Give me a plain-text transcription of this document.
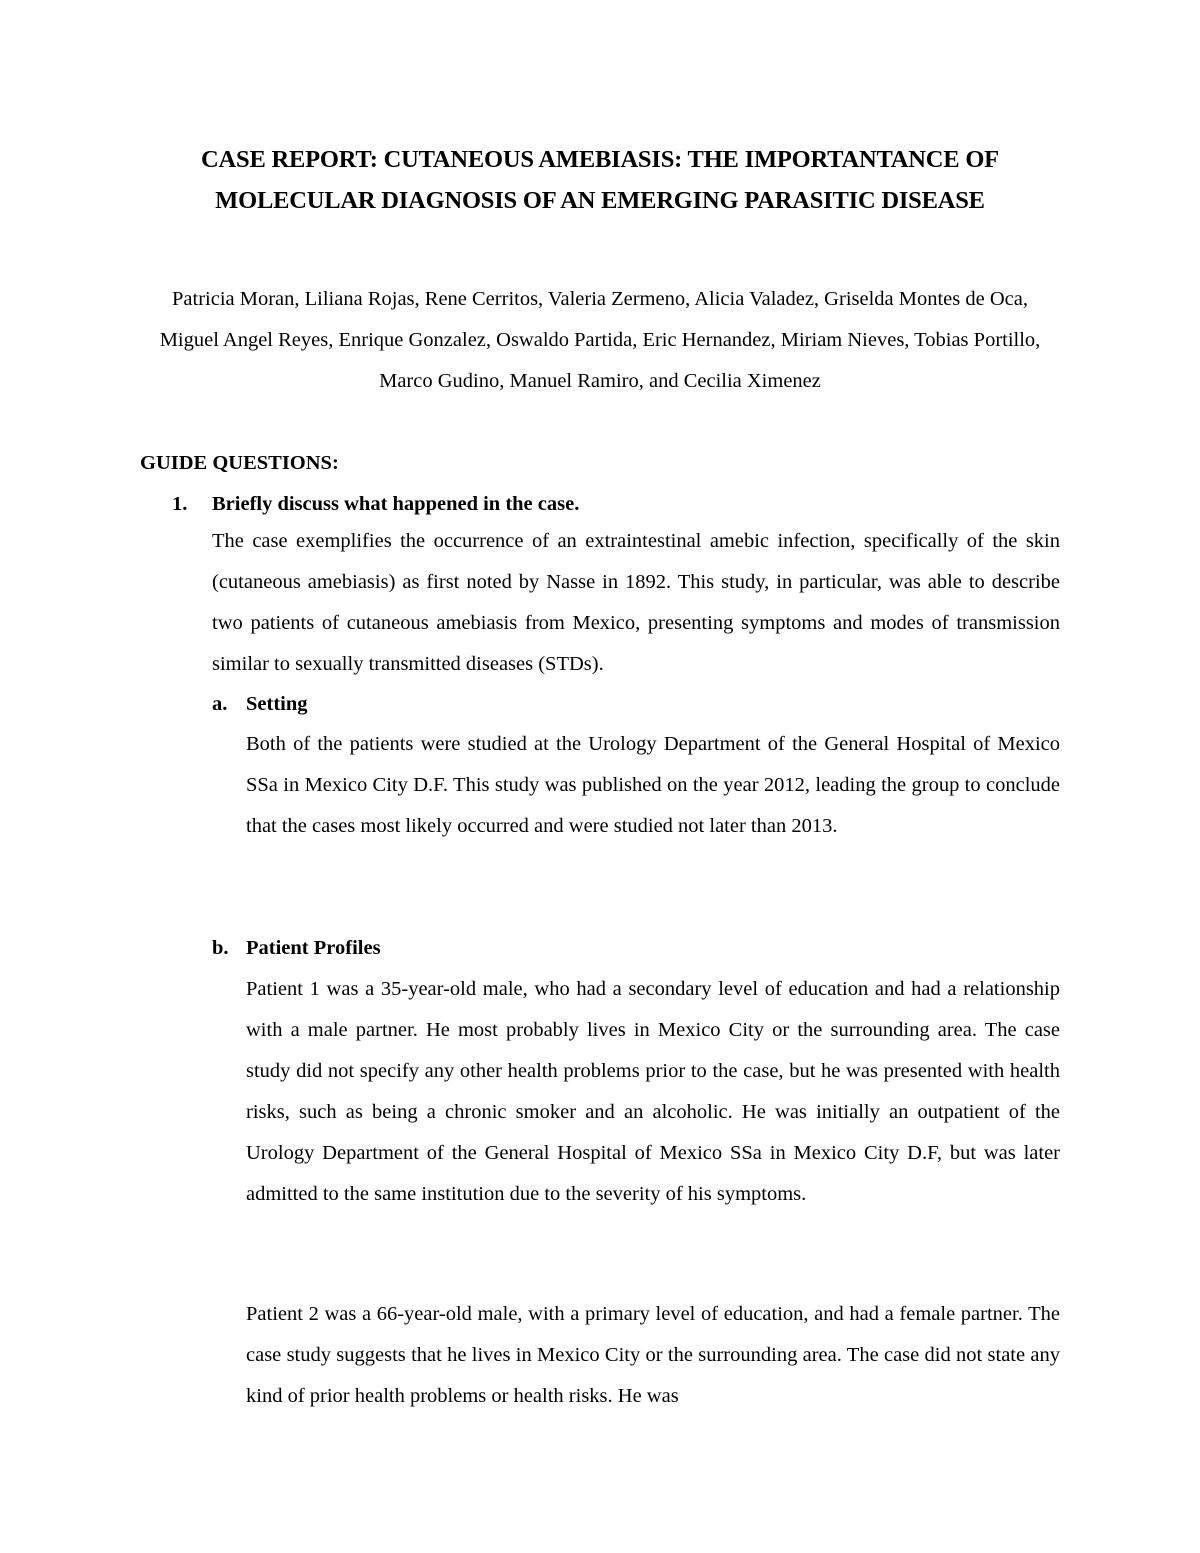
CASE REPORT: CUTANEOUS AMEBIASIS: THE IMPORTANTANCE OF MOLECULAR DIAGNOSIS OF AN EMERGING PARASITIC DISEASE
Patricia Moran, Liliana Rojas, Rene Cerritos, Valeria Zermeno, Alicia Valadez, Griselda Montes de Oca, Miguel Angel Reyes, Enrique Gonzalez, Oswaldo Partida, Eric Hernandez, Miriam Nieves, Tobias Portillo, Marco Gudino, Manuel Ramiro, and Cecilia Ximenez
GUIDE QUESTIONS:
1. Briefly discuss what happened in the case.
The case exemplifies the occurrence of an extraintestinal amebic infection, specifically of the skin (cutaneous amebiasis) as first noted by Nasse in 1892. This study, in particular, was able to describe two patients of cutaneous amebiasis from Mexico, presenting symptoms and modes of transmission similar to sexually transmitted diseases (STDs).
a. Setting
Both of the patients were studied at the Urology Department of the General Hospital of Mexico SSa in Mexico City D.F. This study was published on the year 2012, leading the group to conclude that the cases most likely occurred and were studied not later than 2013.
b. Patient Profiles
Patient 1 was a 35-year-old male, who had a secondary level of education and had a relationship with a male partner. He most probably lives in Mexico City or the surrounding area. The case study did not specify any other health problems prior to the case, but he was presented with health risks, such as being a chronic smoker and an alcoholic. He was initially an outpatient of the Urology Department of the General Hospital of Mexico SSa in Mexico City D.F, but was later admitted to the same institution due to the severity of his symptoms.
Patient 2 was a 66-year-old male, with a primary level of education, and had a female partner. The case study suggests that he lives in Mexico City or the surrounding area. The case did not state any kind of prior health problems or health risks. He was
